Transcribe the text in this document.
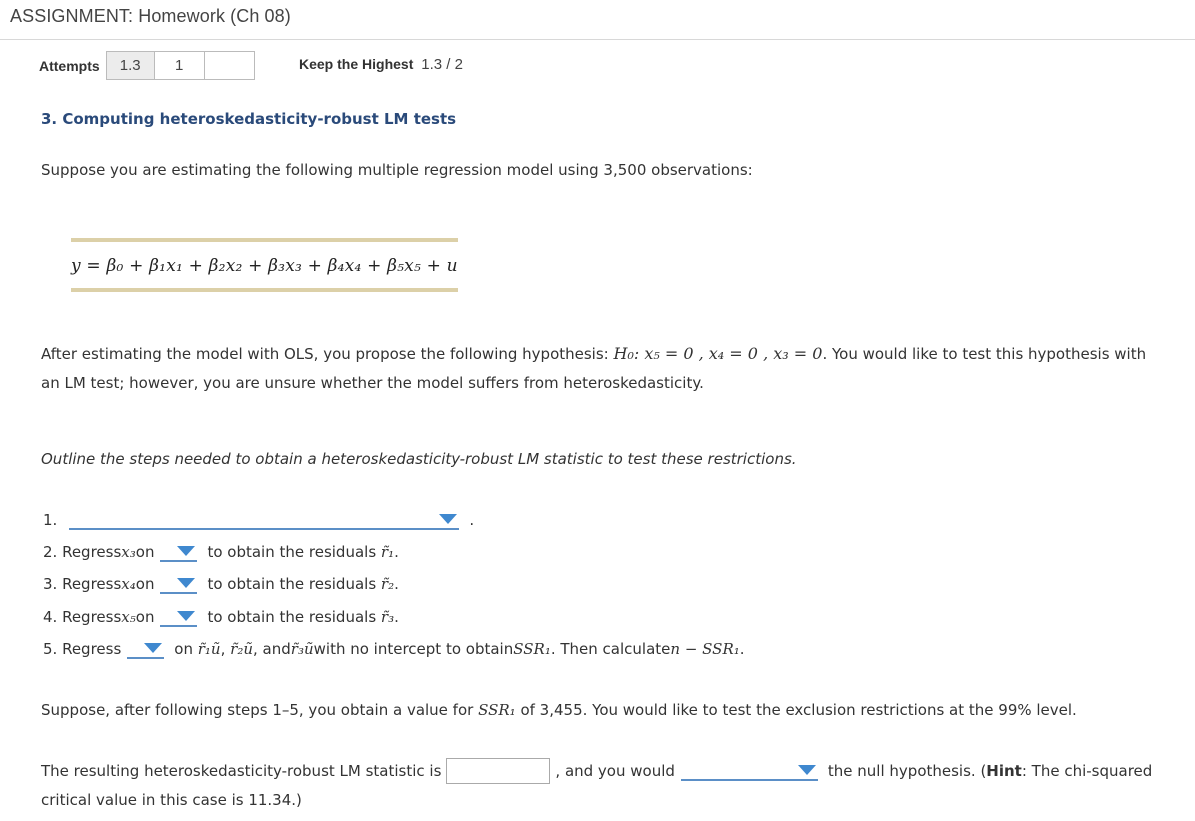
ASSIGNMENT: Homework (Ch 08)
Attempts	1.3	1	Keep the Highest 1.3 / 2
3. Computing heteroskedasticity-robust LM tests
Suppose you are estimating the following multiple regression model using 3,500 observations:
y = β₀ + β₁x₁ + β₂x₂ + β₃x₃ + β₄x₄ + β₅x₅ + u
After estimating the model with OLS, you propose the following hypothesis: H₀: x₅ = 0 , x₄ = 0 , x₃ = 0. You would like to test this hypothesis with
an LM test; however, you are unsure whether the model suffers from heteroskedasticity.
Outline the steps needed to obtain a heteroskedasticity-robust LM statistic to test these restrictions.
1.	.
2. Regress x₃ on	to obtain the residuals
r̃₁ .
3. Regress x₄ on	to obtain the residuals
r̃₂ .
4. Regress x₅ on	to obtain the residuals
r̃₃ .
5. Regress	on
r̃₁ũ , r̃₂ũ , and r̃₃ũ with no intercept to obtain SSR₁ . Then calculate n − SSR₁ .
Suppose, after following steps 1–5, you obtain a value for SSR₁ of 3,455. You would like to test the exclusion restrictions at the 99% level.
The resulting heteroskedasticity-robust LM statistic is	, and you would	the null hypothesis. ( Hint : The chi-squared
critical value in this case is 11.34.)
